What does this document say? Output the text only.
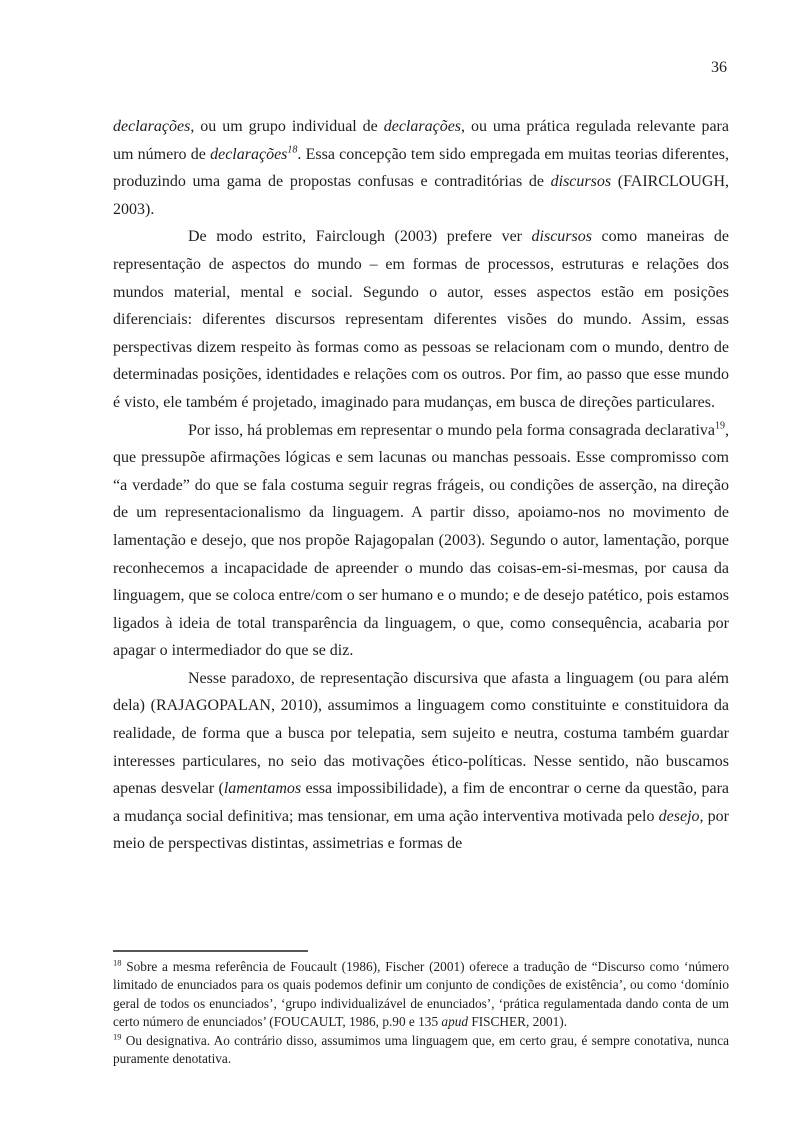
36

declarações, ou um grupo individual de declarações, ou uma prática regulada relevante para um número de declarações$^{18}$. Essa concepção tem sido empregada em muitas teorias diferentes, produzindo uma gama de propostas confusas e contraditórias de discursos (FAIRCLOUGH, 2003).

De modo estrito, Fairclough (2003) prefere ver discursos como maneiras de representação de aspectos do mundo – em formas de processos, estruturas e relações dos mundos material, mental e social. Segundo o autor, esses aspectos estão em posições diferenciais: diferentes discursos representam diferentes visões do mundo. Assim, essas perspectivas dizem respeito às formas como as pessoas se relacionam com o mundo, dentro de determinadas posições, identidades e relações com os outros. Por fim, ao passo que esse mundo é visto, ele também é projetado, imaginado para mudanças, em busca de direções particulares.

Por isso, há problemas em representar o mundo pela forma consagrada declarativa$^{19}$, que pressupõe afirmações lógicas e sem lacunas ou manchas pessoais. Esse compromisso com “a verdade” do que se fala costuma seguir regras frágeis, ou condições de asserção, na direção de um representacionalismo da linguagem. A partir disso, apoiamo-nos no movimento de lamentação e desejo, que nos propõe Rajagopalan (2003). Segundo o autor, lamentação, porque reconhecemos a incapacidade de apreender o mundo das coisas-em-si-mesmas, por causa da linguagem, que se coloca entre/com o ser humano e o mundo; e de desejo patético, pois estamos ligados à ideia de total transparência da linguagem, o que, como consequência, acabaria por apagar o intermediador do que se diz.

Nesse paradoxo, de representação discursiva que afasta a linguagem (ou para além dela) (RAJAGOPALAN, 2010), assumimos a linguagem como constituinte e constituidora da realidade, de forma que a busca por telepatia, sem sujeito e neutra, costuma também guardar interesses particulares, no seio das motivações ético-políticas. Nesse sentido, não buscamos apenas desvelar (lamentamos essa impossibilidade), a fim de encontrar o cerne da questão, para a mudança social definitiva; mas tensionar, em uma ação interventiva motivada pelo desejo, por meio de perspectivas distintas, assimetrias e formas de

$^{18}$ Sobre a mesma referência de Foucault (1986), Fischer (2001) oferece a tradução de “Discurso como ‘número limitado de enunciados para os quais podemos definir um conjunto de condições de existência’, ou como ‘domínio geral de todos os enunciados’, ‘grupo individualizável de enunciados’, ‘prática regulamentada dando conta de um certo número de enunciados’ (FOUCAULT, 1986, p.90 e 135 apud FISCHER, 2001).

$^{19}$ Ou designativa. Ao contrário disso, assumimos uma linguagem que, em certo grau, é sempre conotativa, nunca puramente denotativa.
